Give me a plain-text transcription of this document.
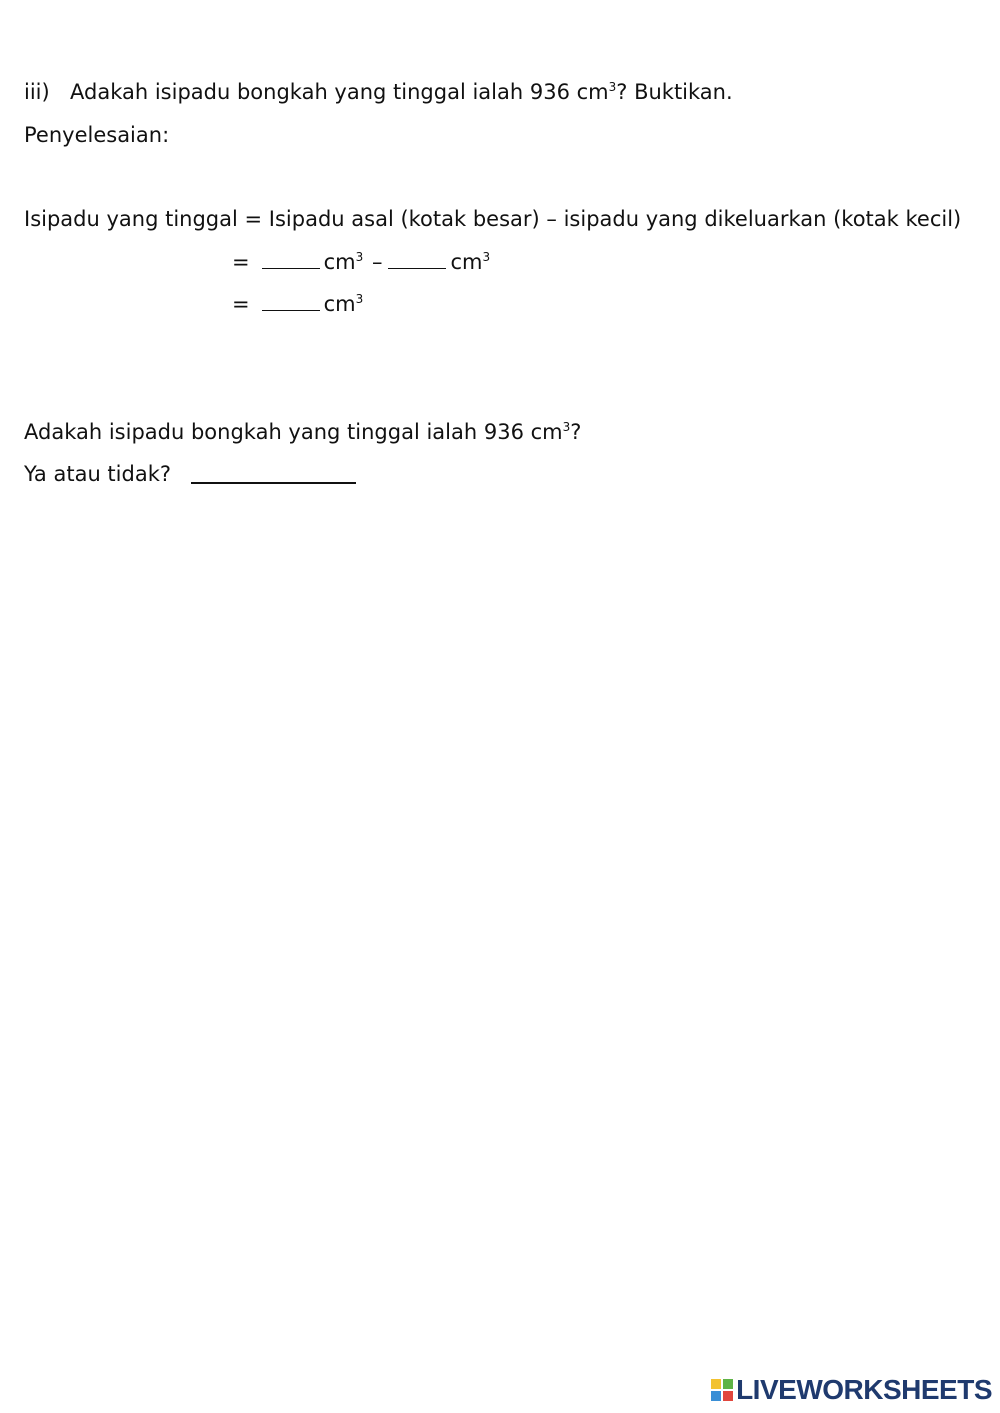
iii) Adakah isipadu bongkah yang tinggal ialah 936 $cm^3$? Buktikan.
Penyelesaian:
Isipadu yang tinggal = Isipadu asal (kotak besar) – isipadu yang dikeluarkan (kotak kecil)
=	$cm^3$ –	$cm^3$
=	$cm^3$
Adakah isipadu bongkah yang tinggal ialah 936 $cm^3$?
Ya atau tidak?
LIVEWORKSHEETS
